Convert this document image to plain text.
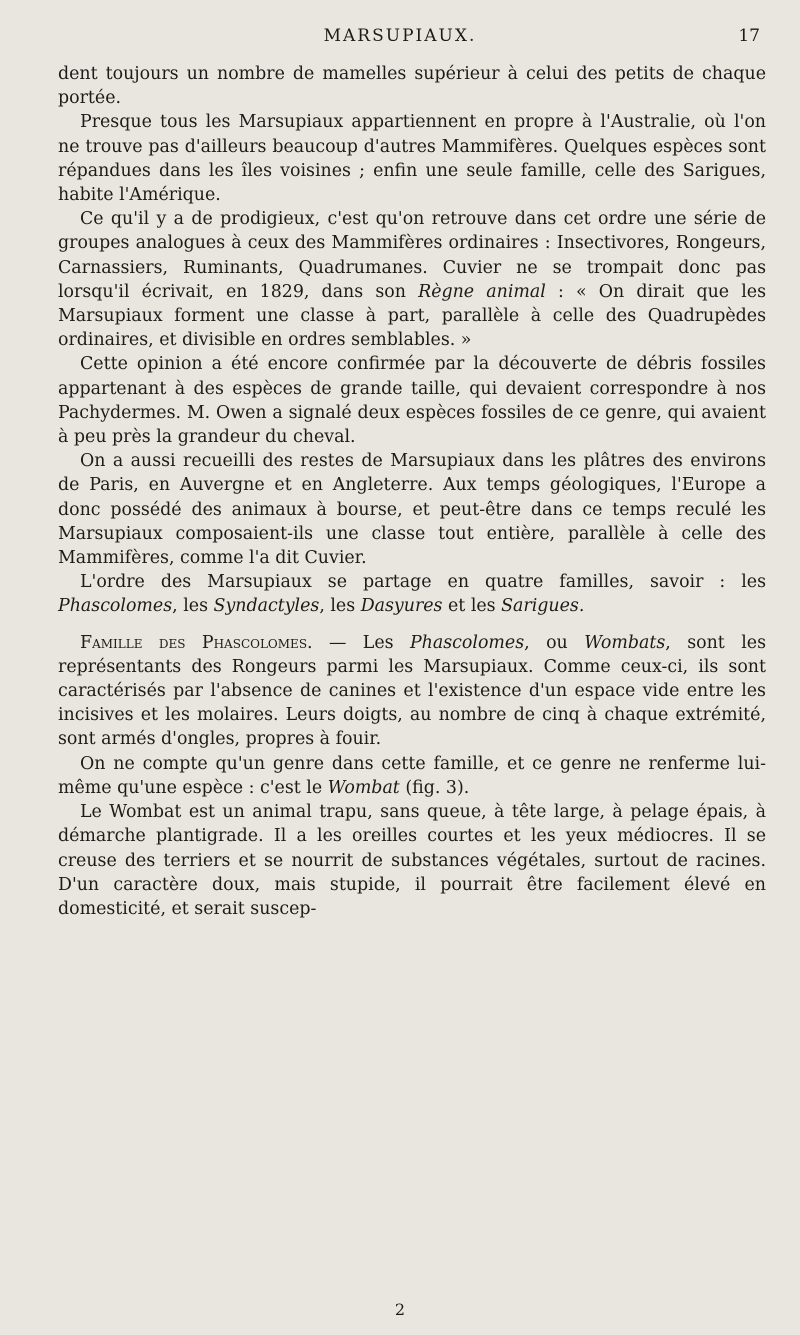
MARSUPIAUX.	17

dent toujours un nombre de mamelles supérieur à celui des petits de chaque portée.

Presque tous les Marsupiaux appartiennent en propre à l'Australie, où l'on ne trouve pas d'ailleurs beaucoup d'autres Mammifères. Quelques espèces sont répandues dans les îles voisines ; enfin une seule famille, celle des Sarigues, habite l'Amérique.

Ce qu'il y a de prodigieux, c'est qu'on retrouve dans cet ordre une série de groupes analogues à ceux des Mammifères ordinaires : Insectivores, Rongeurs, Carnassiers, Ruminants, Quadrumanes. Cuvier ne se trompait donc pas lorsqu'il écrivait, en 1829, dans son Règne animal : « On dirait que les Marsupiaux forment une classe à part, parallèle à celle des Quadrupèdes ordinaires, et divisible en ordres semblables. »

Cette opinion a été encore confirmée par la découverte de débris fossiles appartenant à des espèces de grande taille, qui devaient correspondre à nos Pachydermes. M. Owen a signalé deux espèces fossiles de ce genre, qui avaient à peu près la grandeur du cheval.

On a aussi recueilli des restes de Marsupiaux dans les plâtres des environs de Paris, en Auvergne et en Angleterre. Aux temps géologiques, l'Europe a donc possédé des animaux à bourse, et peut-être dans ce temps reculé les Marsupiaux composaient-ils une classe tout entière, parallèle à celle des Mammifères, comme l'a dit Cuvier.

L'ordre des Marsupiaux se partage en quatre familles, savoir : les Phascolomes, les Syndactyles, les Dasyures et les Sarigues.

Famille des Phascolomes. — Les Phascolomes, ou Wombats, sont les représentants des Rongeurs parmi les Marsupiaux. Comme ceux-ci, ils sont caractérisés par l'absence de canines et l'existence d'un espace vide entre les incisives et les molaires. Leurs doigts, au nombre de cinq à chaque extrémité, sont armés d'ongles, propres à fouir.

On ne compte qu'un genre dans cette famille, et ce genre ne renferme lui-même qu'une espèce : c'est le Wombat (fig. 3).

Le Wombat est un animal trapu, sans queue, à tête large, à pelage épais, à démarche plantigrade. Il a les oreilles courtes et les yeux médiocres. Il se creuse des terriers et se nourrit de substances végétales, surtout de racines. D'un caractère doux, mais stupide, il pourrait être facilement élevé en domesticité, et serait suscep-

2
